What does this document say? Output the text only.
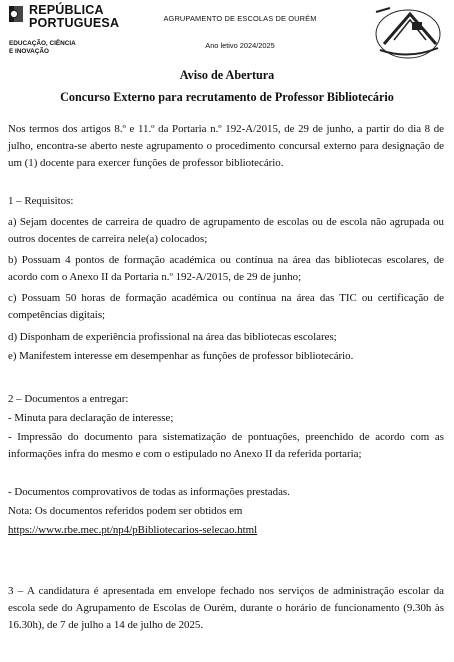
REPÚBLICA
PORTUGUESA
EDUCAÇÃO, CIÊNCIA
E INOVAÇÃO
AGRUPAMENTO DE ESCOLAS DE OURÉM
Ano letivo 2024/2025
Aviso de Abertura
Concurso Externo para recrutamento de Professor Bibliotecário
Nos termos dos artigos 8.º e 11.º da Portaria n.º 192-A/2015, de 29 de junho, a partir do dia 8 de julho, encontra-se aberto neste agrupamento o procedimento concursal externo para designação de um (1) docente para exercer funções de professor bibliotecário.
1 – Requisitos:
a) Sejam docentes de carreira de quadro de agrupamento de escolas ou de escola não agrupada ou outros docentes de carreira nele(a) colocados;
b) Possuam 4 pontos de formação académica ou contínua na área das bibliotecas escolares, de acordo com o Anexo II da Portaria n.º 192-A/2015, de 29 de junho;
c) Possuam 50 horas de formação académica ou contínua na área das TIC ou certificação de competências digitais;
d) Disponham de experiência profissional na área das bibliotecas escolares;
e) Manifestem interesse em desempenhar as funções de professor bibliotecário.
2 – Documentos a entregar:
- Minuta para declaração de interesse;
- Impressão do documento para sistematização de pontuações, preenchido de acordo com as informações infra do mesmo e com o estipulado no Anexo II da referida portaria;
- Documentos comprovativos de todas as informações prestadas.
Nota: Os documentos referidos podem ser obtidos em
https://www.rbe.mec.pt/np4/pBibliotecarios-selecao.html
3 – A candidatura é apresentada em envelope fechado nos serviços de administração escolar da escola sede do Agrupamento de Escolas de Ourém, durante o horário de funcionamento (9.30h às 16.30h), de 7 de julho a 14 de julho de 2025.
